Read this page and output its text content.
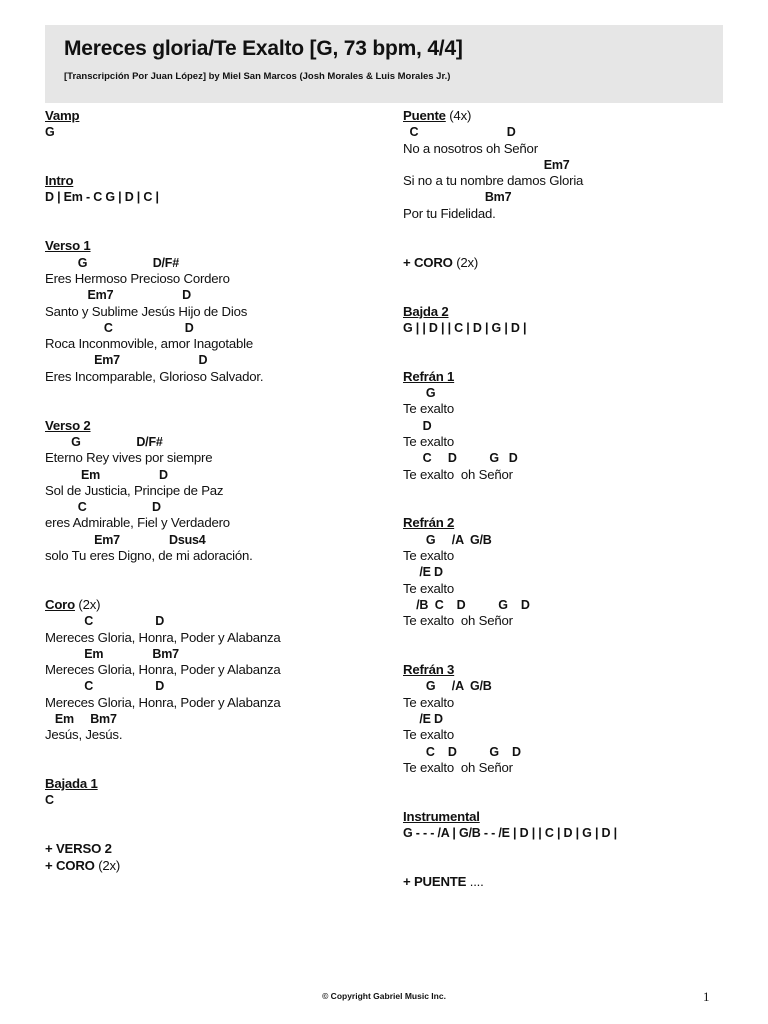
Mereces gloria/Te Exalto [G, 73 bpm, 4/4]
[Transcripción Por Juan López] by Miel San Marcos (Josh Morales & Luis Morales Jr.)
Vamp
G
Intro
D | Em - C G | D | C |
Verso 1
G                    D/F#
Eres Hermoso Precioso Cordero
Em7                     D
Santo y Sublime Jesús Hijo de Dios
C                      D
Roca Inconmovible, amor Inagotable
Em7                        D
Eres Incomparable, Glorioso Salvador.
Verso 2
G                 D/F#
Eterno Rey vives por siempre
Em                  D
Sol de Justicia, Principe de Paz
C                    D
eres Admirable, Fiel y Verdadero
Em7               Dsus4
solo Tu eres Digno, de mi adoración.
Coro (2x)
C                   D
Mereces Gloria, Honra, Poder y Alabanza
Em               Bm7
Mereces Gloria, Honra, Poder y Alabanza
C                   D
Mereces Gloria, Honra, Poder y Alabanza
Em     Bm7
Jesús, Jesús.
Bajada 1
C
+ VERSO 2
+ CORO (2x)
Puente (4x)
C                           D
No a nosotros oh Señor
Em7
Si no a tu nombre damos Gloria
Bm7
Por tu Fidelidad.
+ CORO (2x)
Bajda 2
G | | D | | C | D | G | D |
Refrán 1
G
Te exalto
D
Te exalto
C     D          G   D
Te exalto  oh Señor
Refrán 2
G     /A  G/B
Te exalto
/E D
Te exalto
/B  C    D          G    D
Te exalto  oh Señor
Refrán 3
G     /A  G/B
Te exalto
/E D
Te exalto
C    D          G    D
Te exalto  oh Señor
Instrumental
G - - - /A | G/B - - /E | D | | C | D | G | D |
+ PUENTE ....
© Copyright Gabriel Music Inc.	1
